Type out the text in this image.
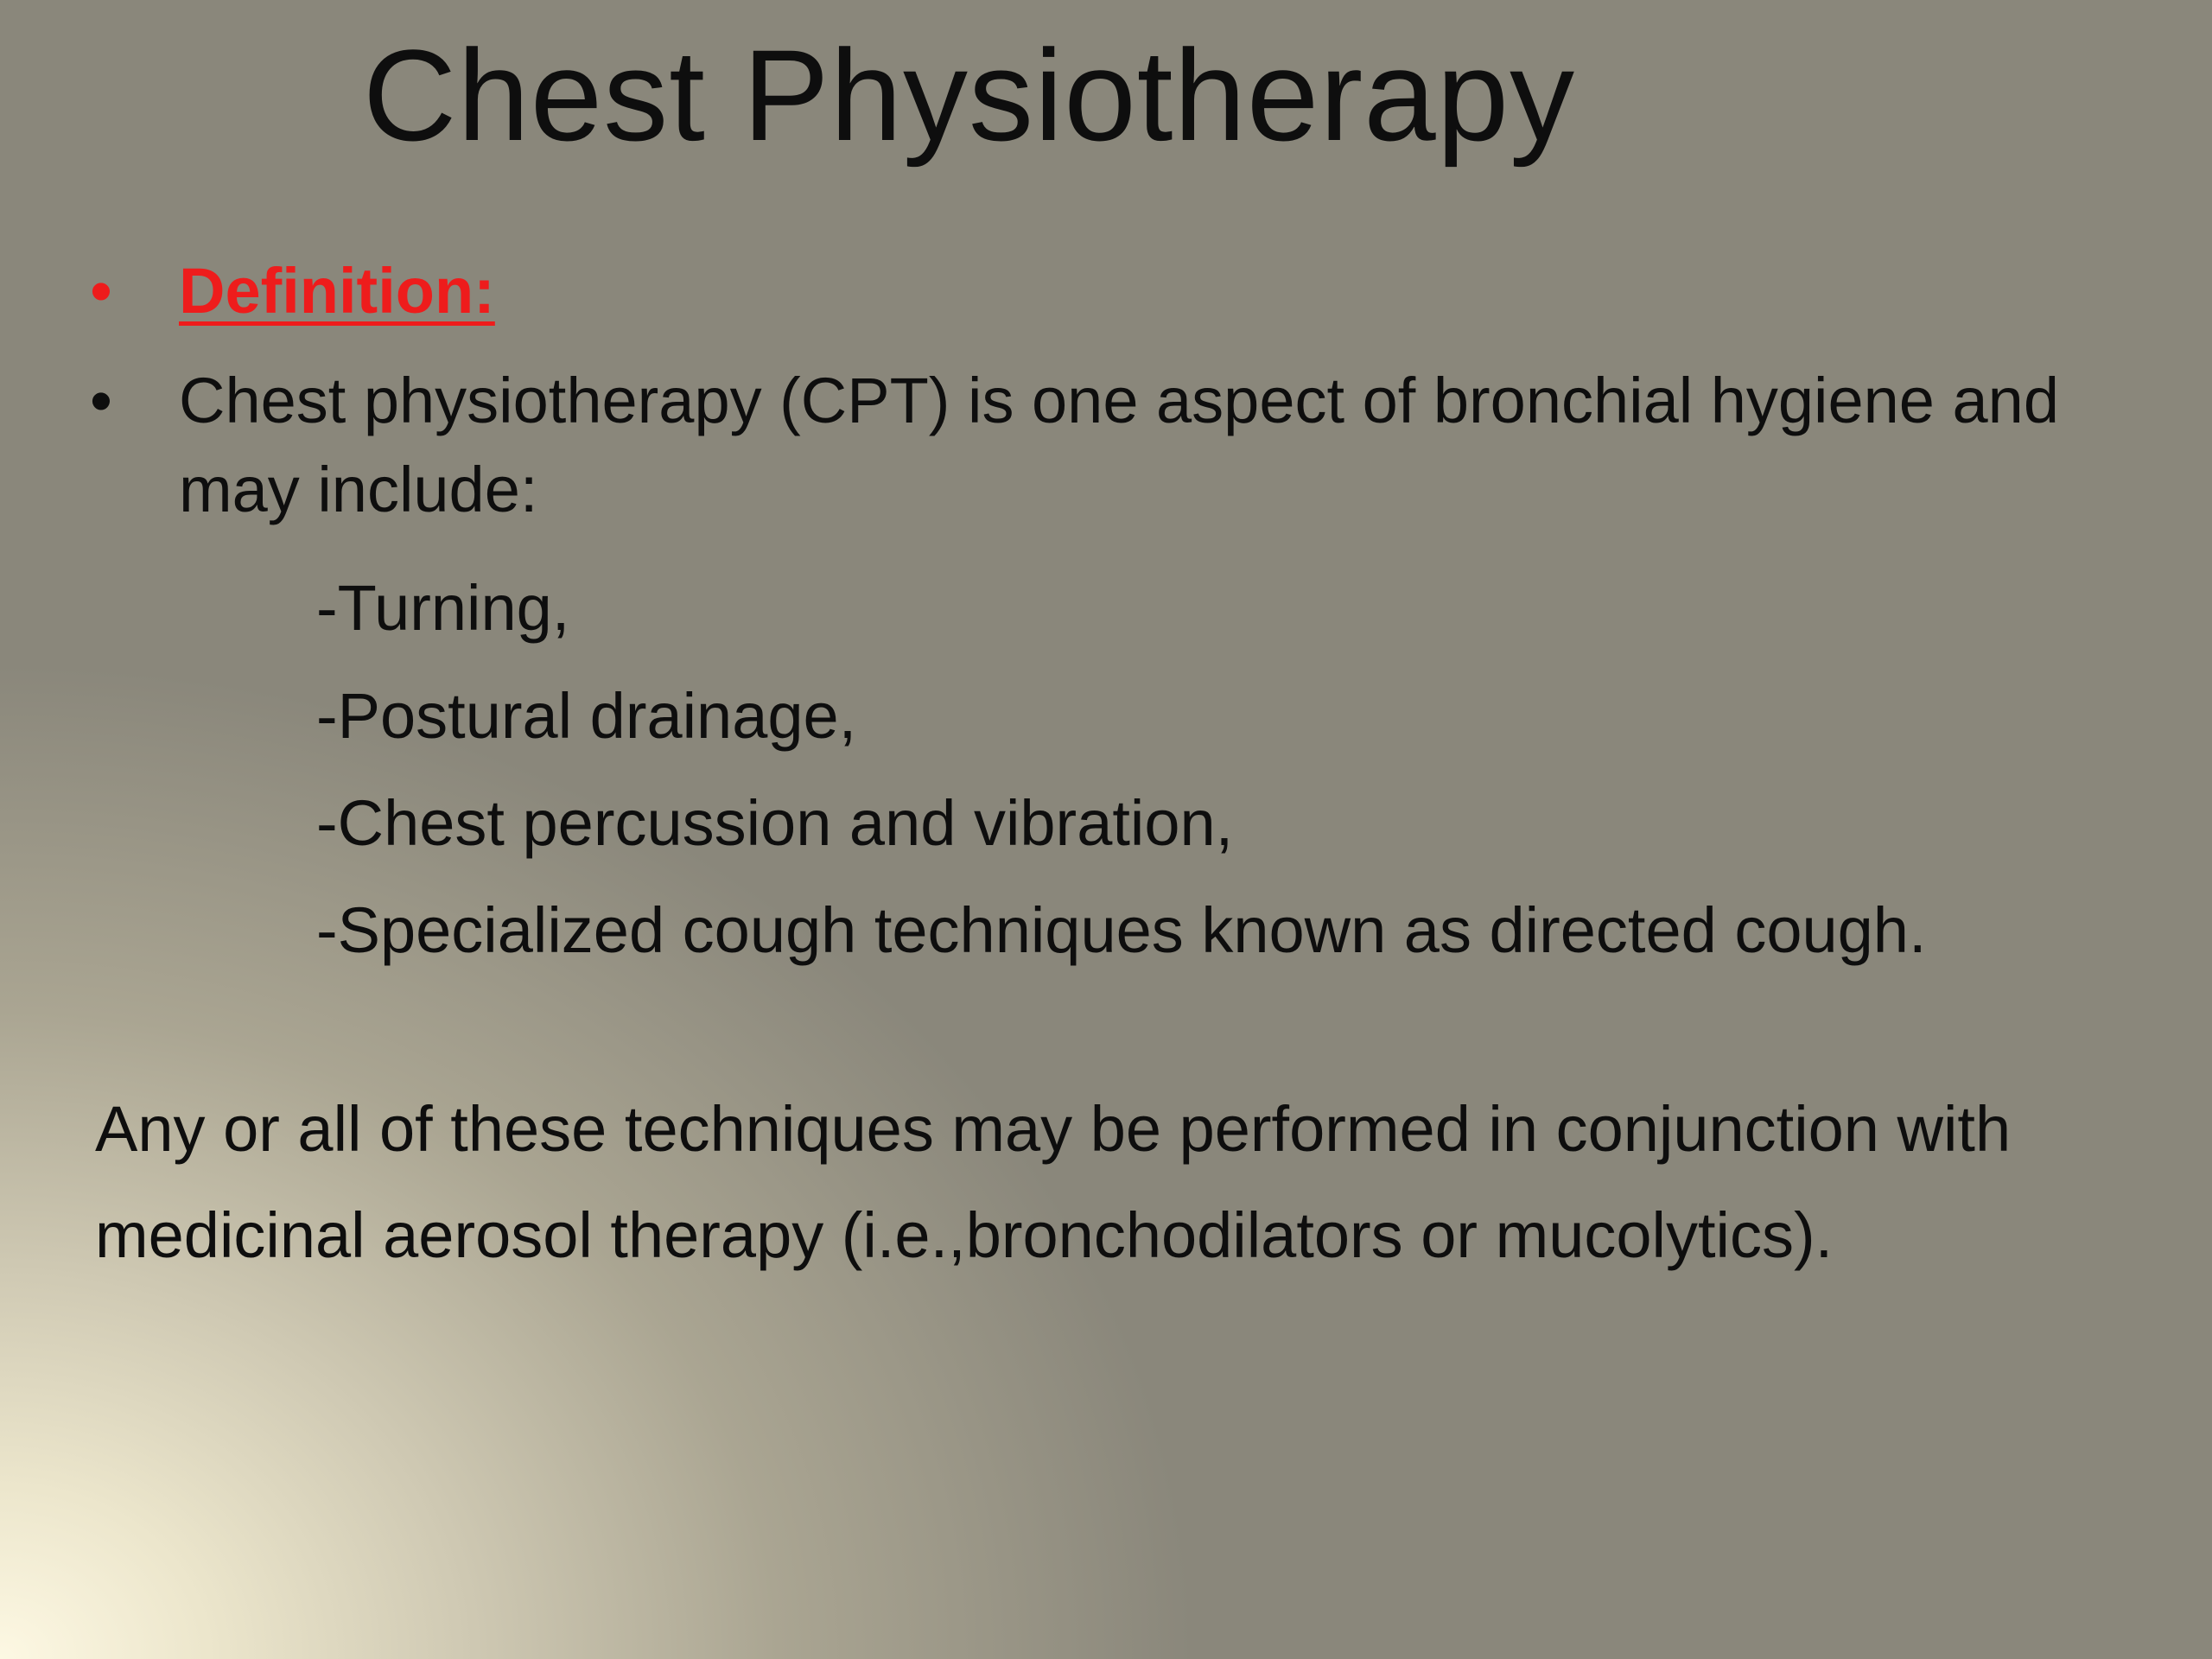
Chest Physiotherapy
• Definition:
• Chest physiotherapy (CPT) is one aspect of bronchial hygiene and
may include:
-Turning,
-Postural drainage,
-Chest percussion and vibration,
-Specialized cough techniques known as directed cough.

Any or all of these techniques may be performed in conjunction with medicinal aerosol therapy (i.e.,bronchodilators or mucolytics).
